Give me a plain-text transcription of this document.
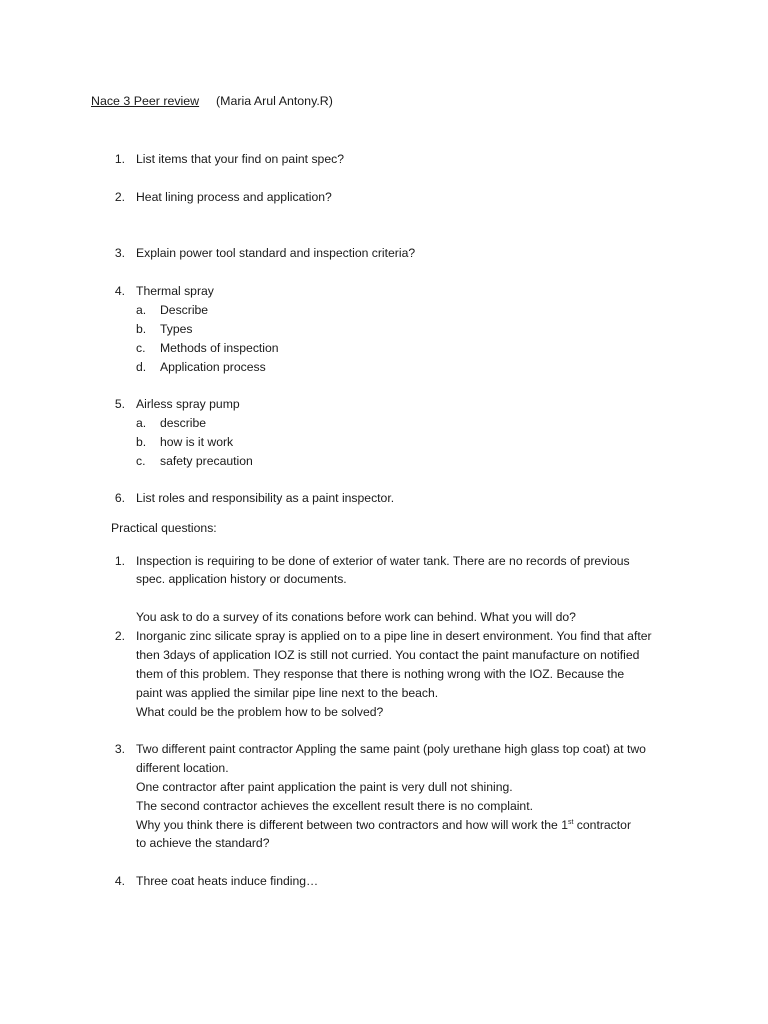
Nace 3 Peer review (Maria Arul Antony.R)
1. List items that your find on paint spec?
2. Heat lining process and application?
3. Explain power tool standard and inspection criteria?
4. Thermal spray
a. Describe
b. Types
c. Methods of inspection
d. Application process
5. Airless spray pump
a. describe
b. how is it work
c. safety precaution
6. List roles and responsibility as a paint inspector.
Practical questions:
1. Inspection is requiring to be done of exterior of water tank. There are no records of previous
spec. application history or documents.
You ask to do a survey of its conations before work can behind. What you will do?
2. Inorganic zinc silicate spray is applied on to a pipe line in desert environment. You find that after
then 3days of application IOZ is still not curried. You contact the paint manufacture on notified
them of this problem. They response that there is nothing wrong with the IOZ. Because the
paint was applied the similar pipe line next to the beach.
What could be the problem how to be solved?
3. Two different paint contractor Appling the same paint (poly urethane high glass top coat) at two
different location.
One contractor after paint application the paint is very dull not shining.
The second contractor achieves the excellent result there is no complaint.
Why you think there is different between two contractors and how will work the 1st contractor
to achieve the standard?
4. Three coat heats induce finding…
